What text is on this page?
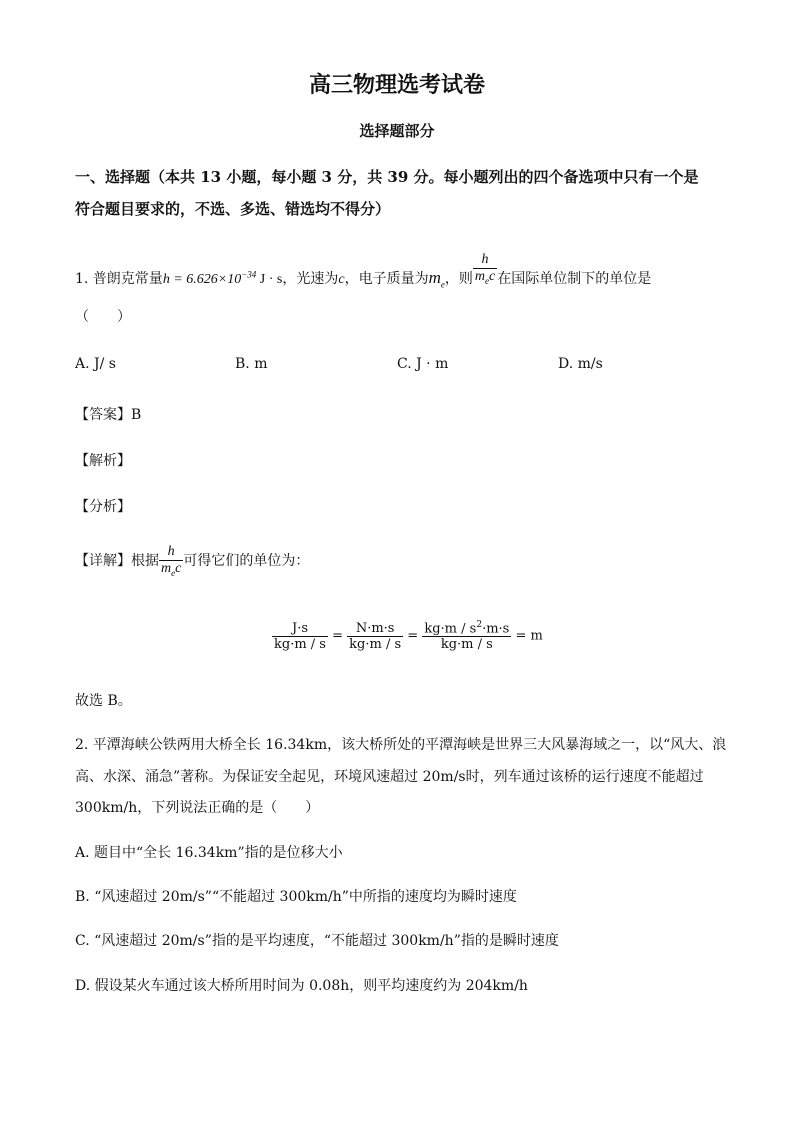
高三物理选考试卷
选择题部分
一、选择题（本共 13 小题，每小题 3 分，共 39 分。每小题列出的四个备选项中只有一个是
符合题目要求的，不选、多选、错选均不得分）
1. 普朗克常量$h = 6.626\times 10^{-34}$ J · s，光速为c，电子质量为$m_e$，则 $\frac{h}{m_ec}$ 在国际单位制下的单位是
（　　）
A. J/ s	B. m	C. J · m	D. m/s
【答案】B
【解析】
【分析】
【详解】根据 $\frac{h}{m_ec}$ 可得它们的单位为：
$\frac{J\cdot s}{kg\cdot m / s} = \frac{N\cdot m\cdot s}{kg\cdot m / s} = \frac{kg\cdot m / s^2\cdot m\cdot s}{kg\cdot m / s} = m$
故选 B。
2. 平潭海峡公铁两用大桥全长 16.34km，该大桥所处的平潭海峡是世界三大风暴海域之一，以“风大、浪
高、水深、涌急”著称。为保证安全起见，环境风速超过 20m/s时，列车通过该桥的运行速度不能超过
300km/h，下列说法正确的是（　　）
A. 题目中“全长 16.34km”指的是位移大小
B. “风速超过 20m/s”“不能超过 300km/h”中所指的速度均为瞬时速度
C. “风速超过 20m/s”指的是平均速度，“不能超过 300km/h”指的是瞬时速度
D. 假设某火车通过该大桥所用时间为 0.08h，则平均速度约为 204km/h
